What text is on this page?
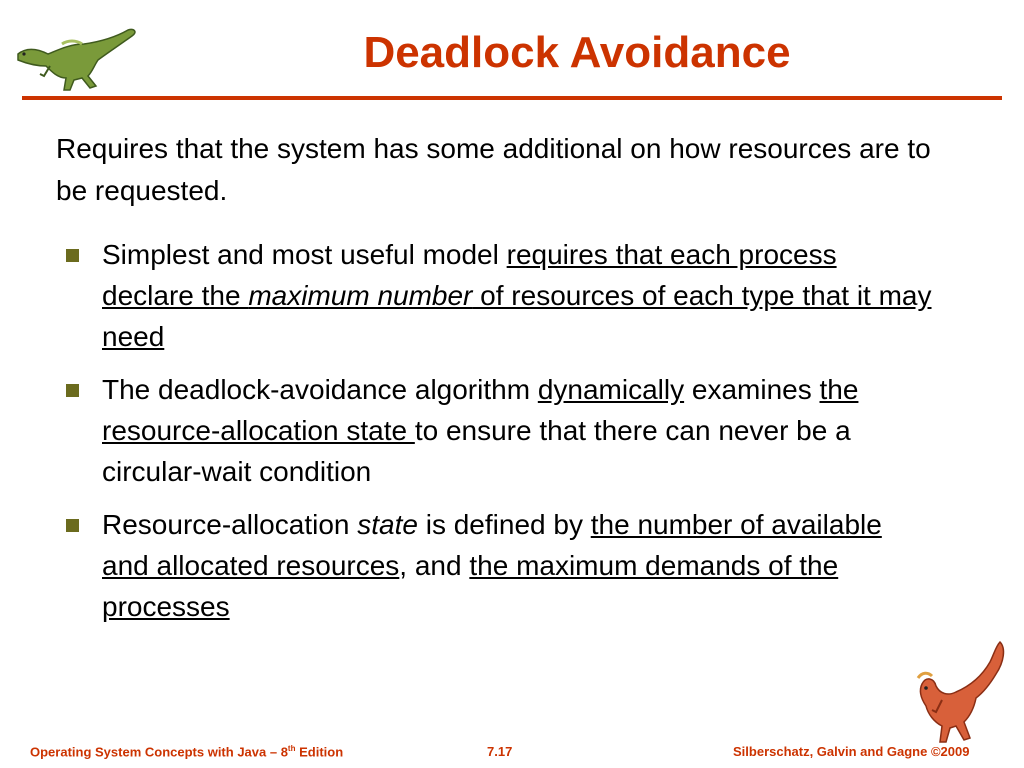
Deadlock Avoidance

Requires that the system has some additional on how resources are to be requested.

Simplest and most useful model requires that each process declare the maximum number of resources of each type that it may need
The deadlock-avoidance algorithm dynamically examines the resource-allocation state to ensure that there can never be a circular-wait condition
Resource-allocation state is defined by the number of available and allocated resources, and the maximum demands of the processes

Operating System Concepts with Java – 8th Edition	7.17	Silberschatz, Galvin and Gagne ©2009
